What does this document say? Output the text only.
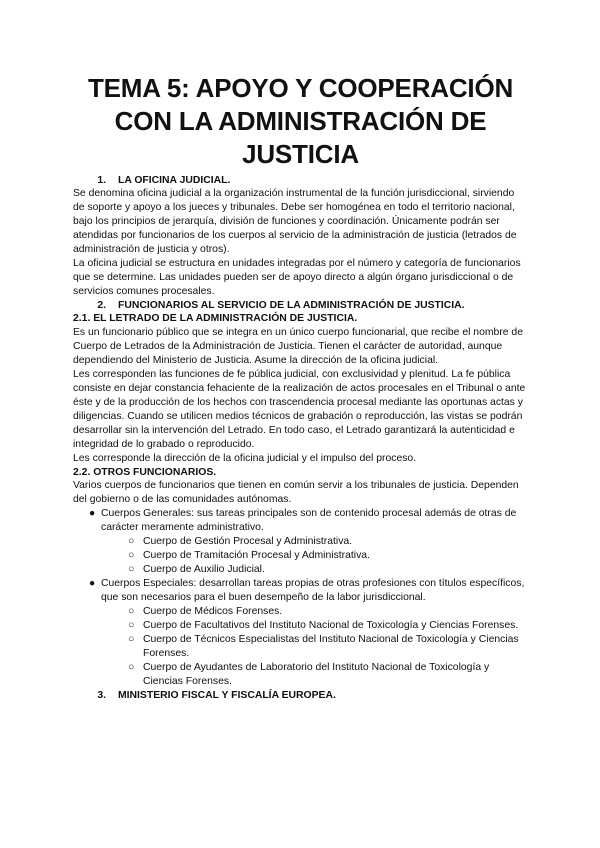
TEMA 5: APOYO Y COOPERACIÓN CON LA ADMINISTRACIÓN DE JUSTICIA
1. LA OFICINA JUDICIAL.

Se denomina oficina judicial a la organización instrumental de la función jurisdiccional, sirviendo de soporte y apoyo a los jueces y tribunales. Debe ser homogénea en todo el territorio nacional, bajo los principios de jerarquía, división de funciones y coordinación. Únicamente podrán ser atendidas por funcionarios de los cuerpos al servicio de la administración de justicia (letrados de administración de justicia y otros).

La oficina judicial se estructura en unidades integradas por el número y categoría de funcionarios que se determine. Las unidades pueden ser de apoyo directo a algún órgano jurisdiccional o de servicios comunes procesales.

2. FUNCIONARIOS AL SERVICIO DE LA ADMINISTRACIÓN DE JUSTICIA.
2.1. EL LETRADO DE LA ADMINISTRACIÓN DE JUSTICIA.

Es un funcionario público que se integra en un único cuerpo funcionarial, que recibe el nombre de Cuerpo de Letrados de la Administración de Justicia. Tienen el carácter de autoridad, aunque dependiendo del Ministerio de Justicia. Asume la dirección de la oficina judicial.

Les corresponden las funciones de fe pública judicial, con exclusividad y plenitud. La fe pública consiste en dejar constancia fehaciente de la realización de actos procesales en el Tribunal o ante éste y de la producción de los hechos con trascendencia procesal mediante las oportunas actas y diligencias. Cuando se utilicen medios técnicos de grabación o reproducción, las vistas se podrán desarrollar sin la intervención del Letrado. En todo caso, el Letrado garantizará la autenticidad e integridad de lo grabado o reproducido.

Les corresponde la dirección de la oficina judicial y el impulso del proceso.

2.2. OTROS FUNCIONARIOS.

Varios cuerpos de funcionarios que tienen en común servir a los tribunales de justicia. Dependen del gobierno o de las comunidades autónomas.

● Cuerpos Generales: sus tareas principales son de contenido procesal además de otras de carácter meramente administrativo.
○ Cuerpo de Gestión Procesal y Administrativa.
○ Cuerpo de Tramitación Procesal y Administrativa.
○ Cuerpo de Auxilio Judicial.
● Cuerpos Especiales: desarrollan tareas propias de otras profesiones con títulos específicos, que son necesarios para el buen desempeño de la labor jurisdiccional.
○ Cuerpo de Médicos Forenses.
○ Cuerpo de Facultativos del Instituto Nacional de Toxicología y Ciencias Forenses.
○ Cuerpo de Técnicos Especialistas del Instituto Nacional de Toxicología y Ciencias Forenses.
○ Cuerpo de Ayudantes de Laboratorio del Instituto Nacional de Toxicología y Ciencias Forenses.
3. MINISTERIO FISCAL Y FISCALÍA EUROPEA.
